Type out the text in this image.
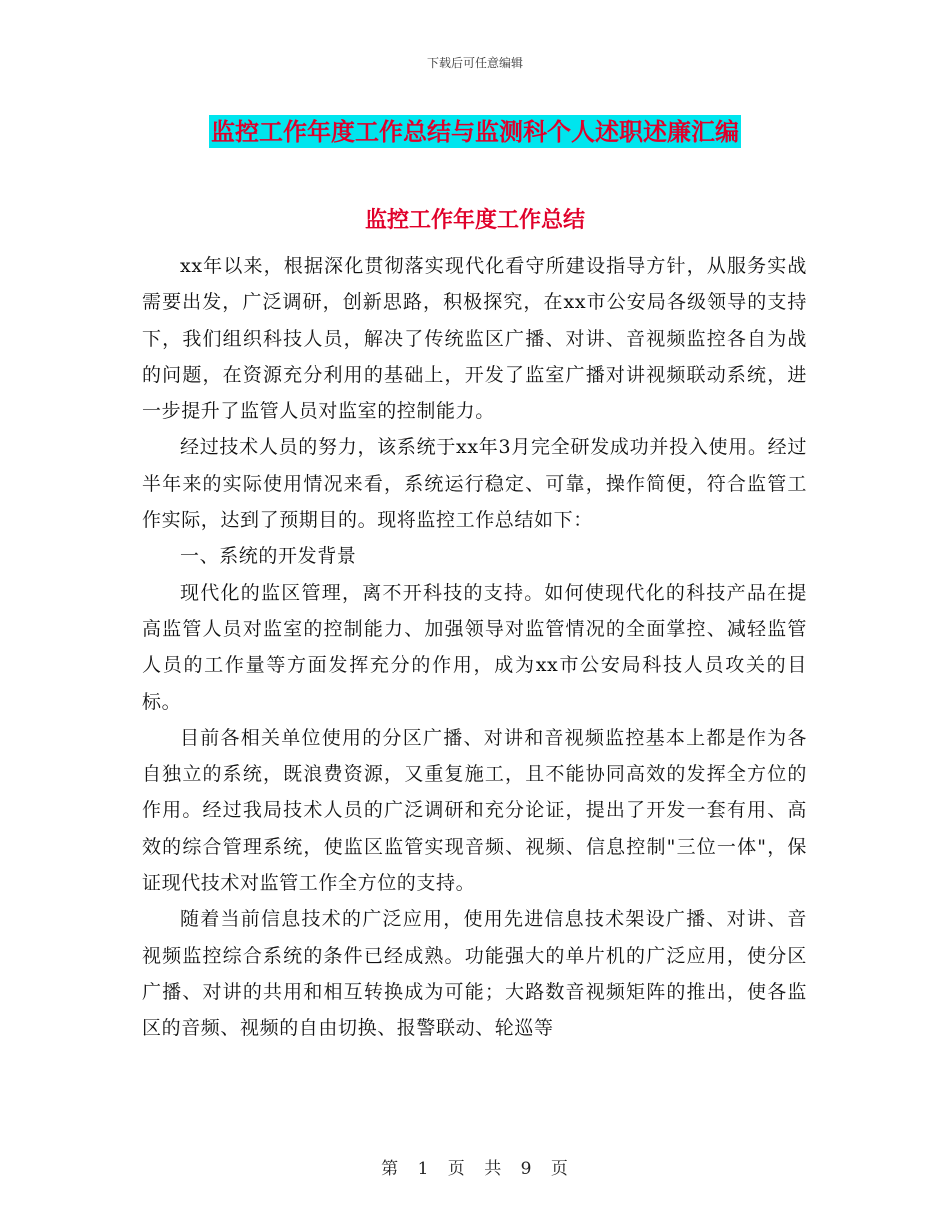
下载后可任意编辑
监控工作年度工作总结与监测科个人述职述廉汇编
监控工作年度工作总结

xx年以来，根据深化贯彻落实现代化看守所建设指导方针，从服务实战需要出发，广泛调研，创新思路，积极探究，在xx市公安局各级领导的支持下，我们组织科技人员，解决了传统监区广播、对讲、音视频监控各自为战的问题，在资源充分利用的基础上，开发了监室广播对讲视频联动系统，进一步提升了监管人员对监室的控制能力。

经过技术人员的努力，该系统于xx年3月完全研发成功并投入使用。经过半年来的实际使用情况来看，系统运行稳定、可靠，操作简便，符合监管工作实际，达到了预期目的。现将监控工作总结如下：

一、系统的开发背景

现代化的监区管理，离不开科技的支持。如何使现代化的科技产品在提高监管人员对监室的控制能力、加强领导对监管情况的全面掌控、减轻监管人员的工作量等方面发挥充分的作用，成为xx市公安局科技人员攻关的目标。

目前各相关单位使用的分区广播、对讲和音视频监控基本上都是作为各自独立的系统，既浪费资源，又重复施工，且不能协同高效的发挥全方位的作用。经过我局技术人员的广泛调研和充分论证，提出了开发一套有用、高效的综合管理系统，使监区监管实现音频、视频、信息控制"三位一体"，保证现代技术对监管工作全方位的支持。

随着当前信息技术的广泛应用，使用先进信息技术架设广播、对讲、音视频监控综合系统的条件已经成熟。功能强大的单片机的广泛应用，使分区广播、对讲的共用和相互转换成为可能；大路数音视频矩阵的推出，使各监区的音频、视频的自由切换、报警联动、轮巡等

第 1 页 共 9 页
